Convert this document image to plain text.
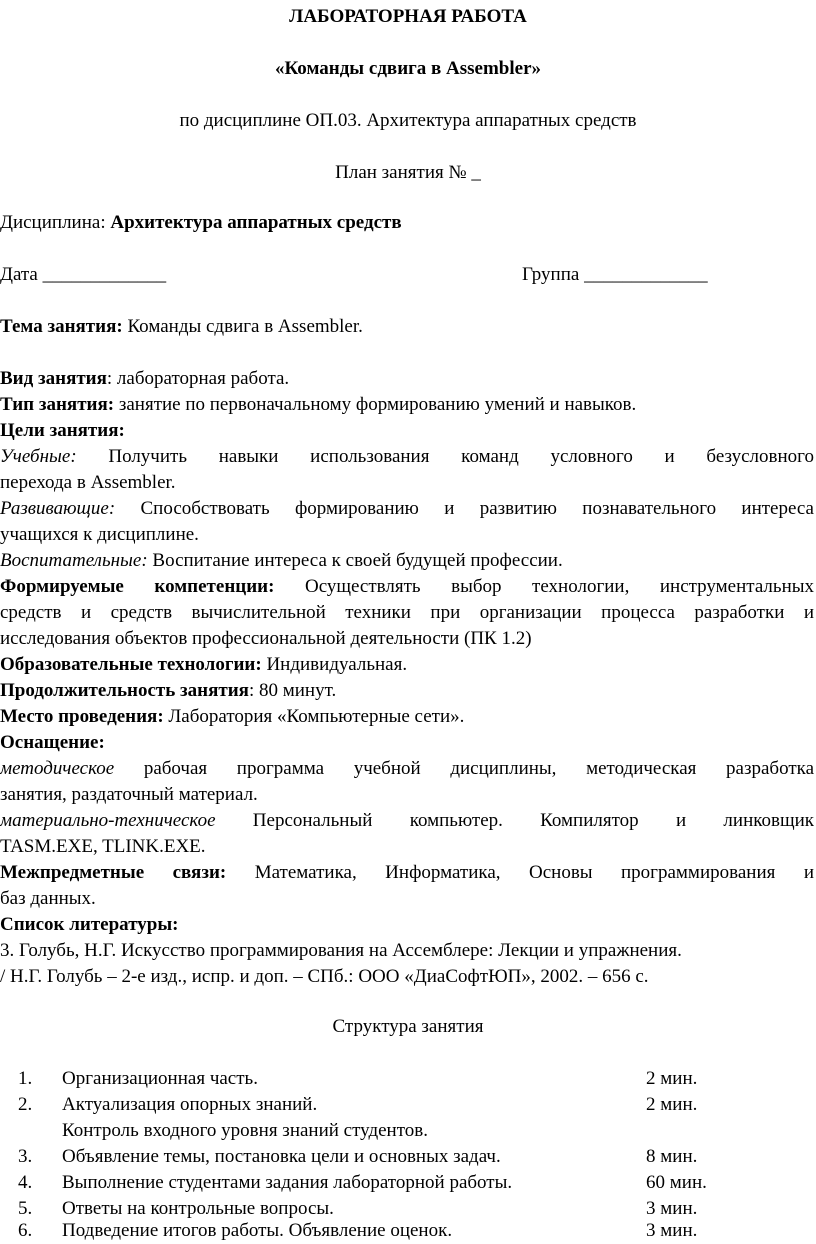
ЛАБОРАТОРНАЯ РАБОТА
«Команды сдвига в Assembler»
по дисциплине ОП.03. Архитектура аппаратных средств
План занятия № _
Дисциплина: Архитектура аппаратных средств
Дата _____________	Группа _____________
Тема занятия: Команды сдвига в Assembler.
Вид занятия: лабораторная работа.
Тип занятия: занятие по первоначальному формированию умений и навыков.
Цели занятия:
Учебные: Получить навыки использования команд условного и безусловного
перехода в Assembler.
Развивающие: Способствовать формированию и развитию познавательного интереса
учащихся к дисциплине.
Воспитательные: Воспитание интереса к своей будущей профессии.
Формируемые компетенции: Осуществлять выбор технологии, инструментальных
средств и средств вычислительной техники при организации процесса разработки и
исследования объектов профессиональной деятельности (ПК 1.2)
Образовательные технологии: Индивидуальная.
Продолжительность занятия: 80 минут.
Место проведения: Лаборатория «Компьютерные сети».
Оснащение:
методическое рабочая программа учебной дисциплины, методическая разработка
занятия, раздаточный материал.
материально-техническое Персональный компьютер. Компилятор и линковщик
TASM.EXE, TLINK.EXE.
Межпредметные связи: Математика, Информатика, Основы программирования и
баз данных.
Список литературы:
3. Голубь, Н.Г. Искусство программирования на Ассемблере: Лекции и упражнения.
/ Н.Г. Голубь – 2-е изд., испр. и доп. – СПб.: ООО «ДиаСофтЮП», 2002. – 656 с.
Структура занятия
1. Организационная часть.	2 мин.
2. Актуализация опорных знаний.	2 мин.
Контроль входного уровня знаний студентов.
3. Объявление темы, постановка цели и основных задач.	8 мин.
4. Выполнение студентами задания лабораторной работы.	60 мин.
5. Ответы на контрольные вопросы.	3 мин.
6. Подведение итогов работы. Объявление оценок.	3 мин.
